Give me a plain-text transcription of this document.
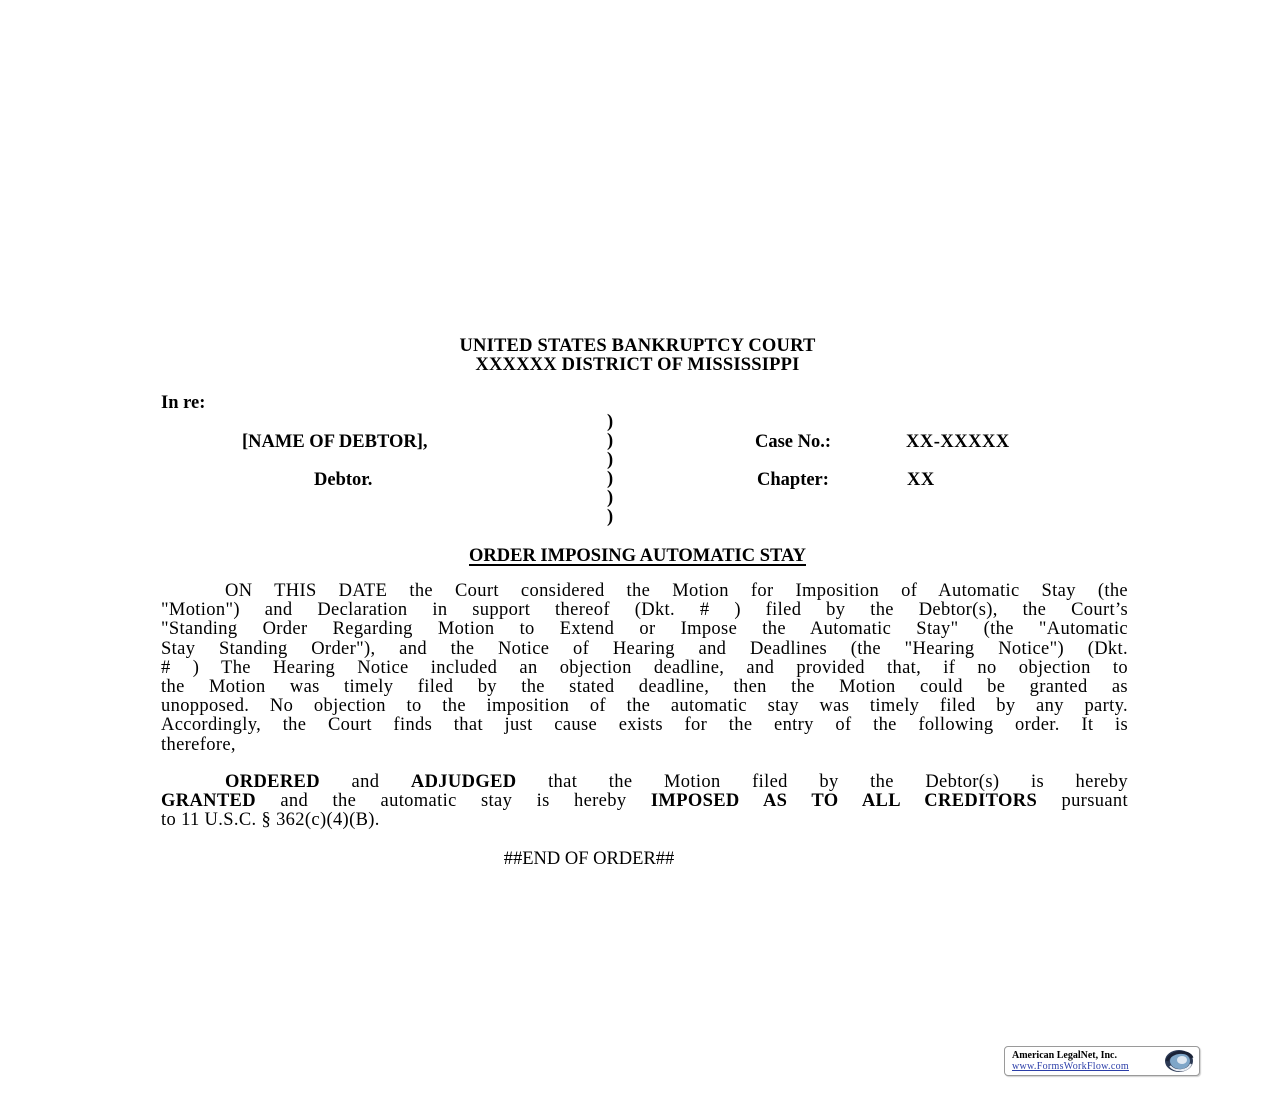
UNITED STATES BANKRUPTCY COURT
XXXXXX DISTRICT OF MISSISSIPPI
In re:
[NAME OF DEBTOR],
Debtor.
)
)
)
)
)
)
Case No.:	XX-XXXXX
Chapter:	XX
ORDER IMPOSING AUTOMATIC STAY
ON THIS DATE the Court considered the Motion for Imposition of Automatic Stay (the
"Motion") and Declaration in support thereof (Dkt. # ) filed by the Debtor(s), the Court’s
"Standing Order Regarding Motion to Extend or Impose the Automatic Stay" (the "Automatic
Stay Standing Order"), and the Notice of Hearing and Deadlines (the "Hearing Notice") (Dkt.
# ) The Hearing Notice included an objection deadline, and provided that, if no objection to
the Motion was timely filed by the stated deadline, then the Motion could be granted as
unopposed. No objection to the imposition of the automatic stay was timely filed by any party.
Accordingly, the Court finds that just cause exists for the entry of the following order. It is
therefore,
ORDERED and ADJUDGED that the Motion filed by the Debtor(s) is hereby
GRANTED and the automatic stay is hereby IMPOSED AS TO ALL CREDITORS pursuant
to 11 U.S.C. § 362(c)(4)(B).
##END OF ORDER##
American LegalNet, Inc.
www.FormsWorkFlow.com
